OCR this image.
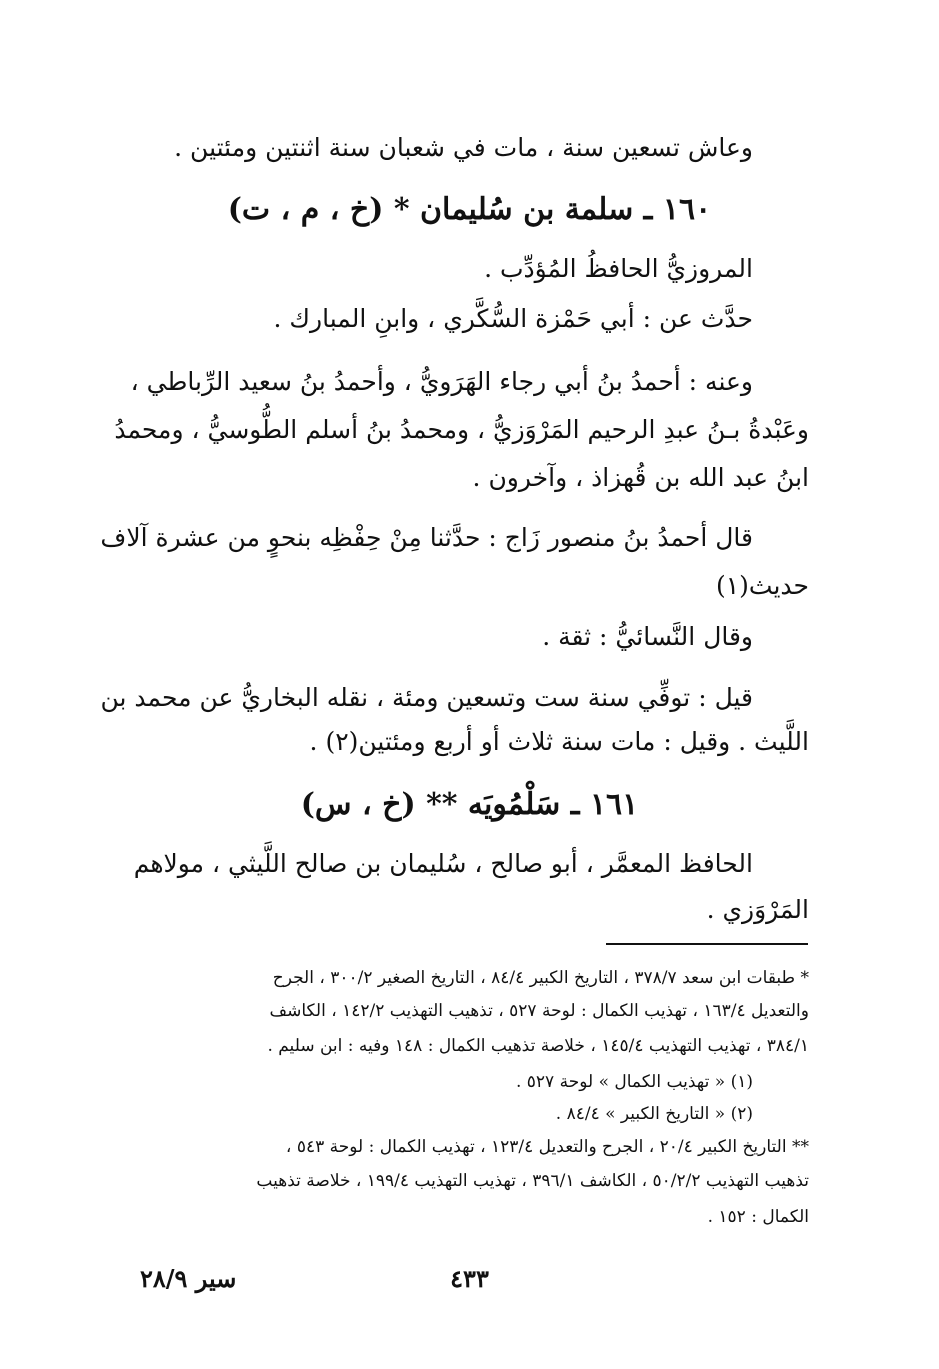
وعاش تسعين سنة ، مات في شعبان سنة اثنتين ومئتين .
١٦٠ ـ سلمة بن سُليمان * (خ ، م ، ت)
المروزيُّ الحافظُ المُؤدِّب .
حدَّث عن : أبي حَمْزة السُّكَّري ، وابنِ المبارك .
وعنه : أحمدُ بنُ أبي رجاء الهَرَويُّ ، وأحمدُ بنُ سعيد الرِّباطي ،
وعَبْدةُ بـنُ عبدِ الرحيم المَرْوَزيُّ ، ومحمدُ بنُ أسلم الطُّوسيُّ ، ومحمدُ
ابنُ عبد الله بن قُهزاذ ، وآخرون .
قال أحمدُ بنُ منصور زَاج : حدَّثنا مِنْ حِفْظِه بنحوٍ من عشرة آلاف
حديث(١)
وقال النَّسائيُّ : ثقة .
قيل : توفِّي سنة ست وتسعين ومئة ، نقله البخاريُّ عن محمد بن
اللَّيث . وقيل : مات سنة ثلاث أو أربع ومئتين(٢) .
١٦١ ـ سَلْمُويَه ** (خ ، س)
الحافظ المعمَّر ، أبو صالح ، سُليمان بن صالح اللَّيثي ، مولاهم
المَرْوَزي .
* طبقات ابن سعد ٣٧٨/٧ ، التاريخ الكبير ٨٤/٤ ، التاريخ الصغير ٣٠٠/٢ ، الجرح
والتعديل ١٦٣/٤ ، تهذيب الكمال : لوحة ٥٢٧ ، تذهيب التهذيب ١٤٢/٢ ، الكاشف
٣٨٤/١ ، تهذيب التهذيب ١٤٥/٤ ، خلاصة تذهيب الكمال : ١٤٨ وفيه : ابن سليم .
(١) « تهذيب الكمال » لوحة ٥٢٧ .
(٢) « التاريخ الكبير » ٨٤/٤ .
** التاريخ الكبير ٢٠/٤ ، الجرح والتعديل ١٢٣/٤ ، تهذيب الكمال : لوحة ٥٤٣ ،
تذهيب التهذيب ٥٠/٢/٢ ، الكاشف ٣٩٦/١ ، تهذيب التهذيب ١٩٩/٤ ، خلاصة تذهيب
الكمال : ١٥٢ .
٤٣٣
سير ٢٨/٩
